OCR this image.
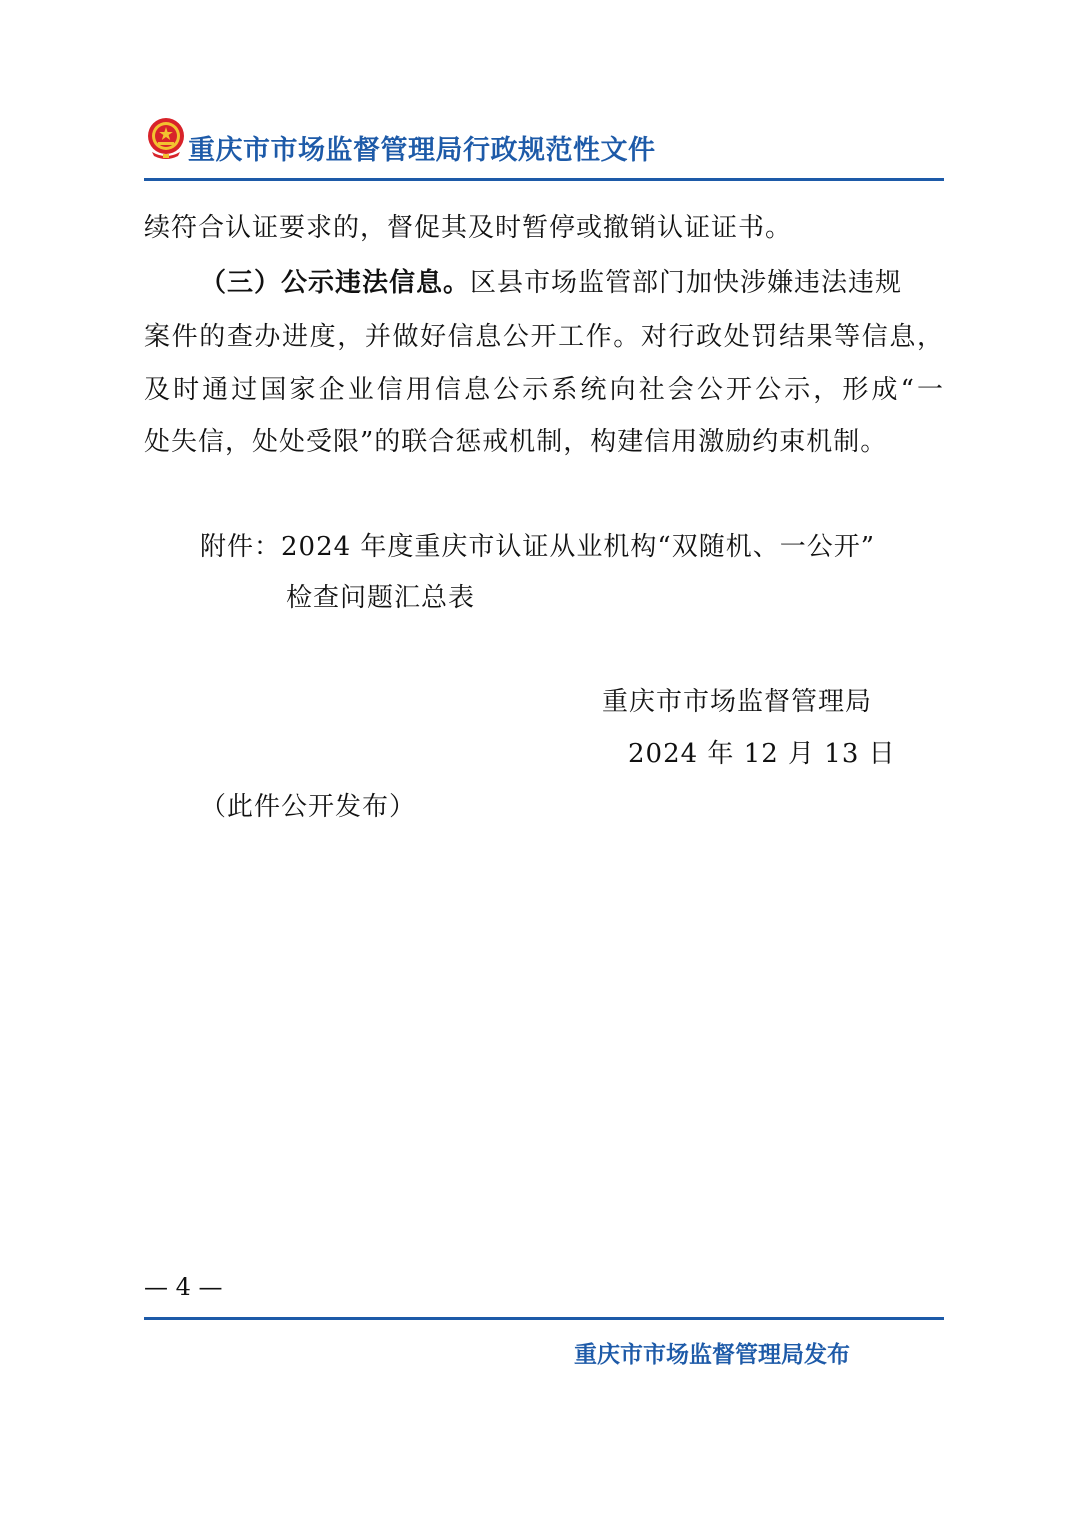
重庆市市场监督管理局行政规范性文件
续符合认证要求的，督促其及时暂停或撤销认证证书。
（三）公示违法信息。区县市场监管部门加快涉嫌违法违规
案件的查办进度，并做好信息公开工作。对行政处罚结果等信息，
及时通过国家企业信用信息公示系统向社会公开公示，形成“一
处失信，处处受限”的联合惩戒机制，构建信用激励约束机制。
附件：2024 年度重庆市认证从业机构“双随机、一公开”
检查问题汇总表
重庆市市场监督管理局
2024 年 12 月 13 日
（此件公开发布）
— 4 —
重庆市市场监督管理局发布
